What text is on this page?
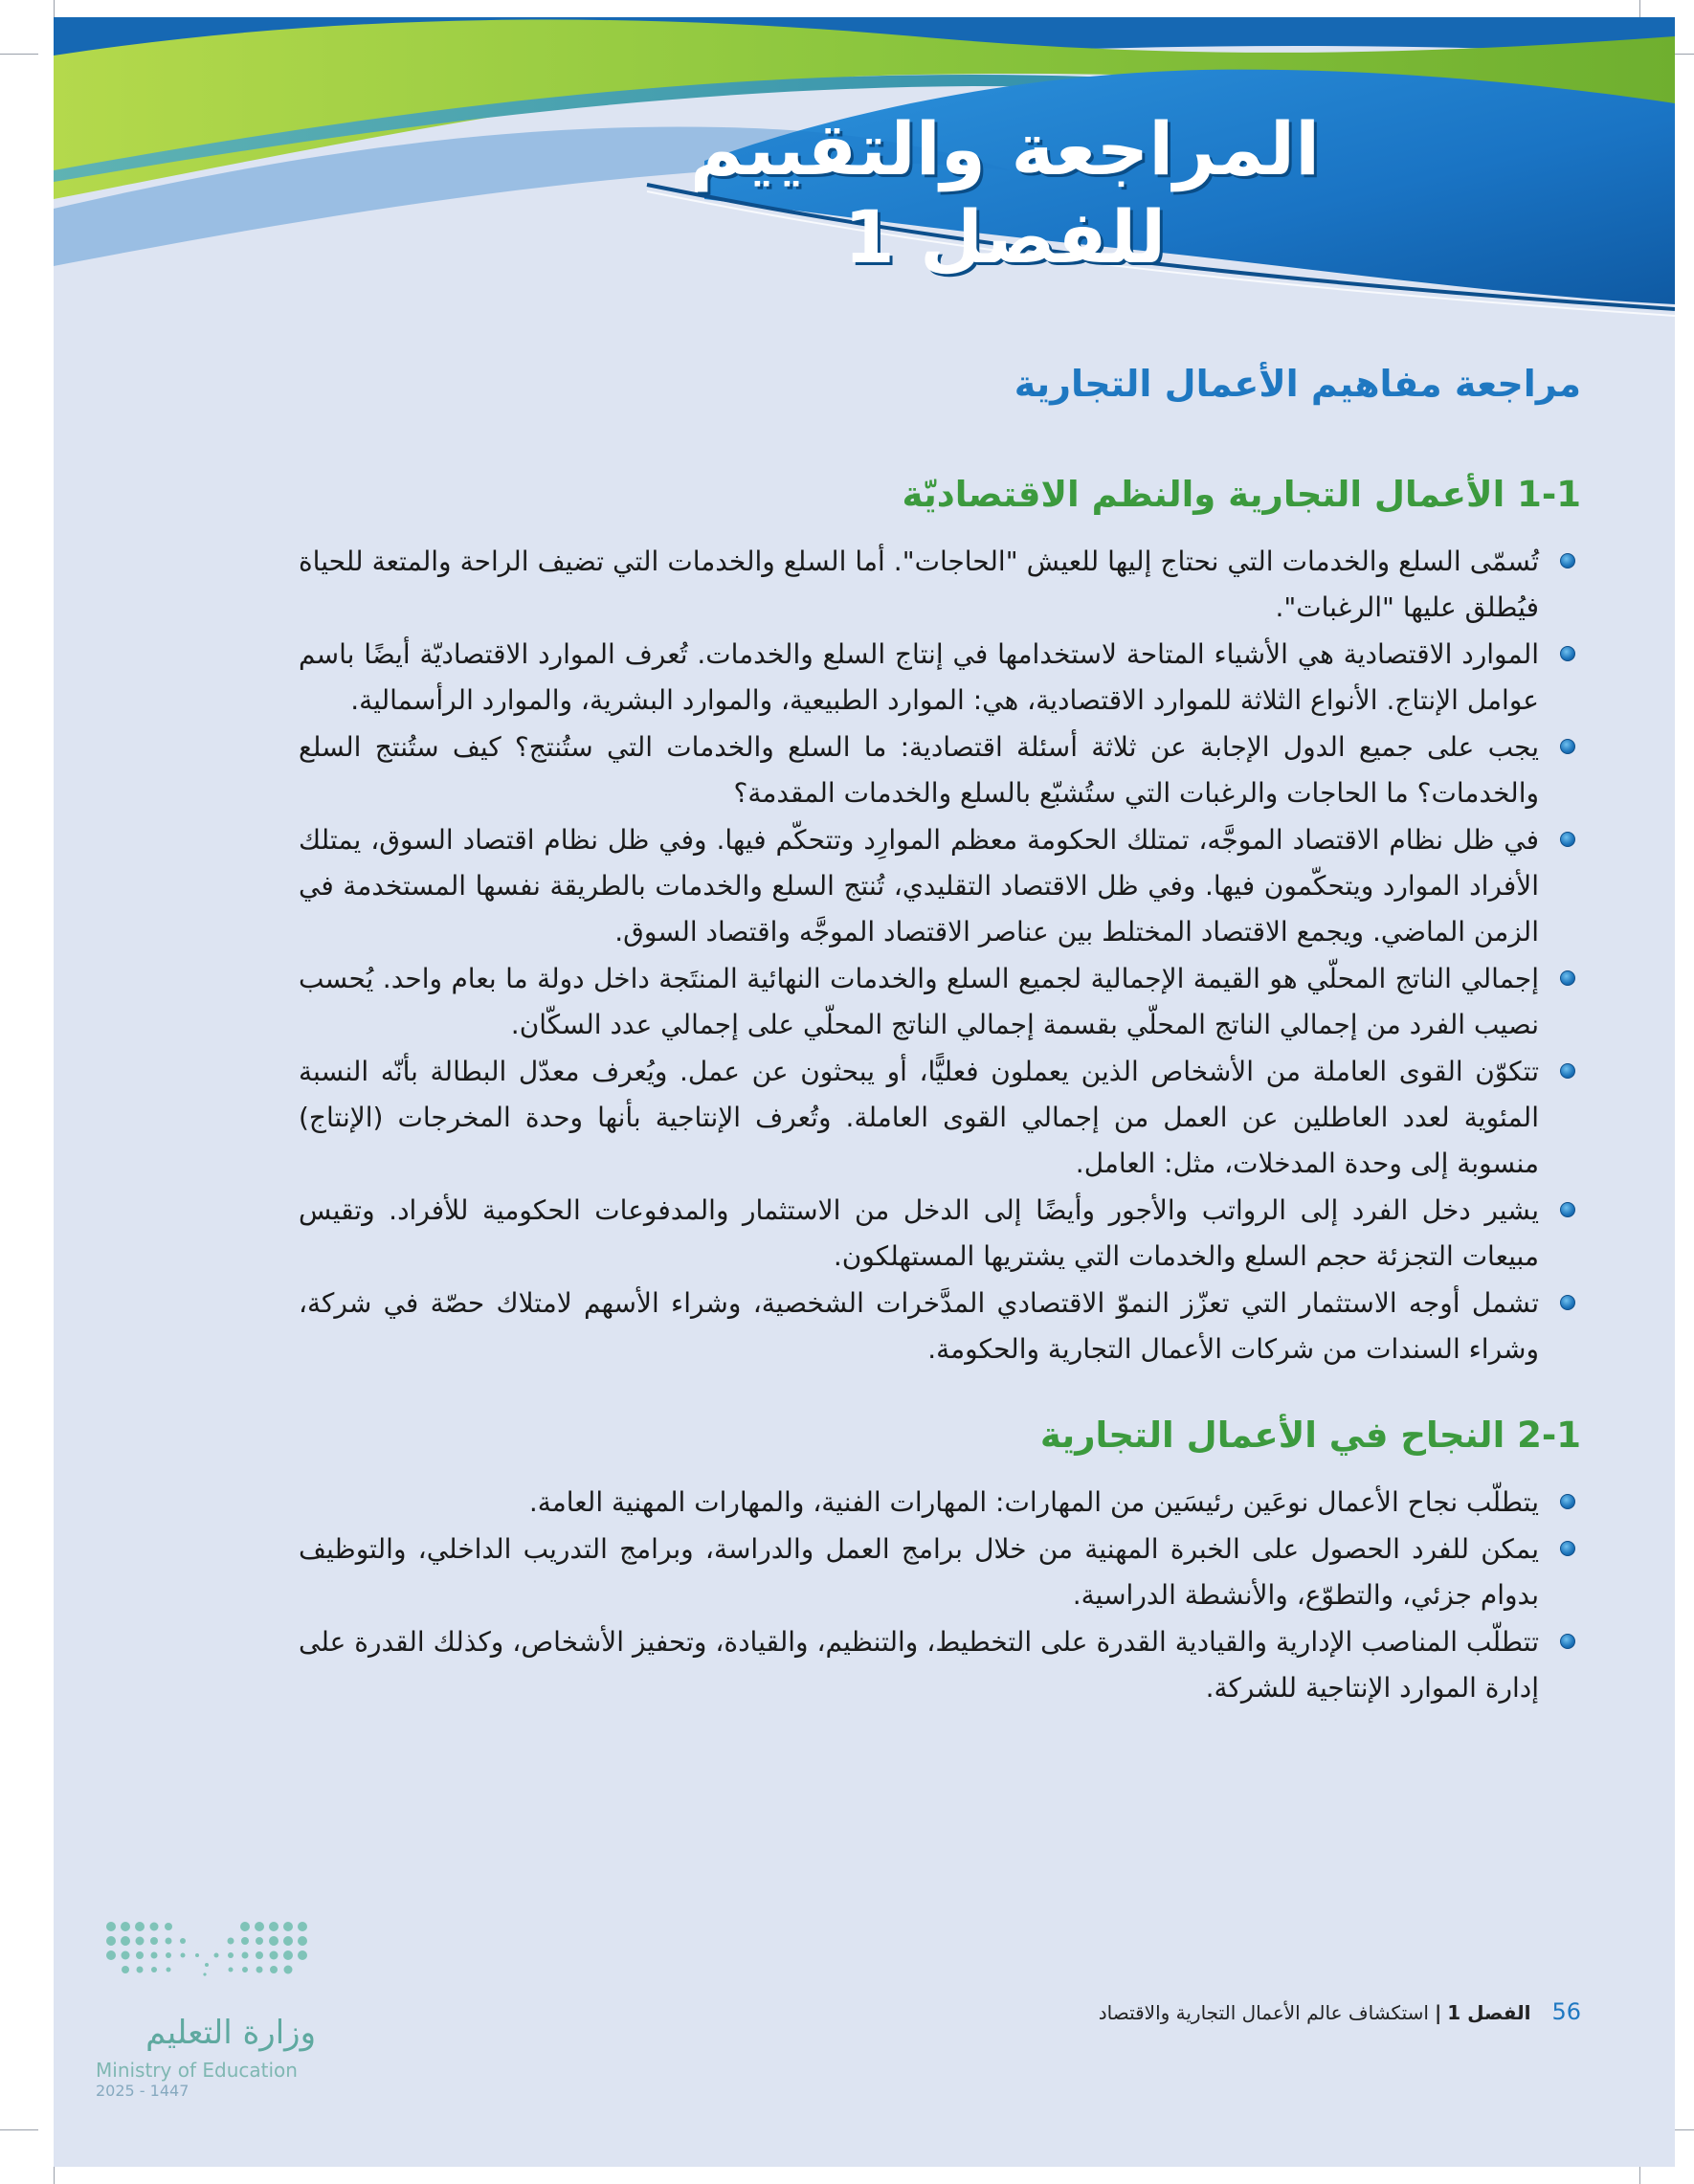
المراجعة والتقييم
للفصل 1
مراجعة مفاهيم الأعمال التجارية
1-1 الأعمال التجارية والنظم الاقتصاديّة
تُسمّى السلع والخدمات التي نحتاج إليها للعيش "الحاجات". أما السلع والخدمات التي تضيف الراحة والمتعة للحياة فيُطلق عليها "الرغبات".
الموارد الاقتصادية هي الأشياء المتاحة لاستخدامها في إنتاج السلع والخدمات. تُعرف الموارد الاقتصاديّة أيضًا باسم عوامل الإنتاج. الأنواع الثلاثة للموارد الاقتصادية، هي: الموارد الطبيعية، والموارد البشرية، والموارد الرأسمالية.
يجب على جميع الدول الإجابة عن ثلاثة أسئلة اقتصادية: ما السلع والخدمات التي ستُنتج؟ كيف ستُنتج السلع والخدمات؟ ما الحاجات والرغبات التي ستُشبّع بالسلع والخدمات المقدمة؟
في ظل نظام الاقتصاد الموجَّه، تمتلك الحكومة معظم الموارِد وتتحكّم فيها. وفي ظل نظام اقتصاد السوق، يمتلك الأفراد الموارد ويتحكّمون فيها. وفي ظل الاقتصاد التقليدي، تُنتج السلع والخدمات بالطريقة نفسها المستخدمة في الزمن الماضي. ويجمع الاقتصاد المختلط بين عناصر الاقتصاد الموجَّه واقتصاد السوق.
إجمالي الناتج المحلّي هو القيمة الإجمالية لجميع السلع والخدمات النهائية المنتَجة داخل دولة ما بعام واحد. يُحسب نصيب الفرد من إجمالي الناتج المحلّي بقسمة إجمالي الناتج المحلّي على إجمالي عدد السكّان.
تتكوّن القوى العاملة من الأشخاص الذين يعملون فعليًّا، أو يبحثون عن عمل. ويُعرف معدّل البطالة بأنّه النسبة المئوية لعدد العاطلين عن العمل من إجمالي القوى العاملة. وتُعرف الإنتاجية بأنها وحدة المخرجات (الإنتاج) منسوبة إلى وحدة المدخلات، مثل: العامل.
يشير دخل الفرد إلى الرواتب والأجور وأيضًا إلى الدخل من الاستثمار والمدفوعات الحكومية للأفراد. وتقيس مبيعات التجزئة حجم السلع والخدمات التي يشتريها المستهلكون.
تشمل أوجه الاستثمار التي تعزّز النموّ الاقتصادي المدَّخرات الشخصية، وشراء الأسهم لامتلاك حصّة في شركة، وشراء السندات من شركات الأعمال التجارية والحكومة.
2-1 النجاح في الأعمال التجارية
يتطلّب نجاح الأعمال نوعَين رئيسَين من المهارات: المهارات الفنية، والمهارات المهنية العامة.
يمكن للفرد الحصول على الخبرة المهنية من خلال برامج العمل والدراسة، وبرامج التدريب الداخلي، والتوظيف بدوام جزئي، والتطوّع، والأنشطة الدراسية.
تتطلّب المناصب الإدارية والقيادية القدرة على التخطيط، والتنظيم، والقيادة، وتحفيز الأشخاص، وكذلك القدرة على إدارة الموارد الإنتاجية للشركة.
56الفصل 1|استكشاف عالم الأعمال التجارية والاقتصاد
وزارة التعليم
Ministry of Education
2025 - 1447
